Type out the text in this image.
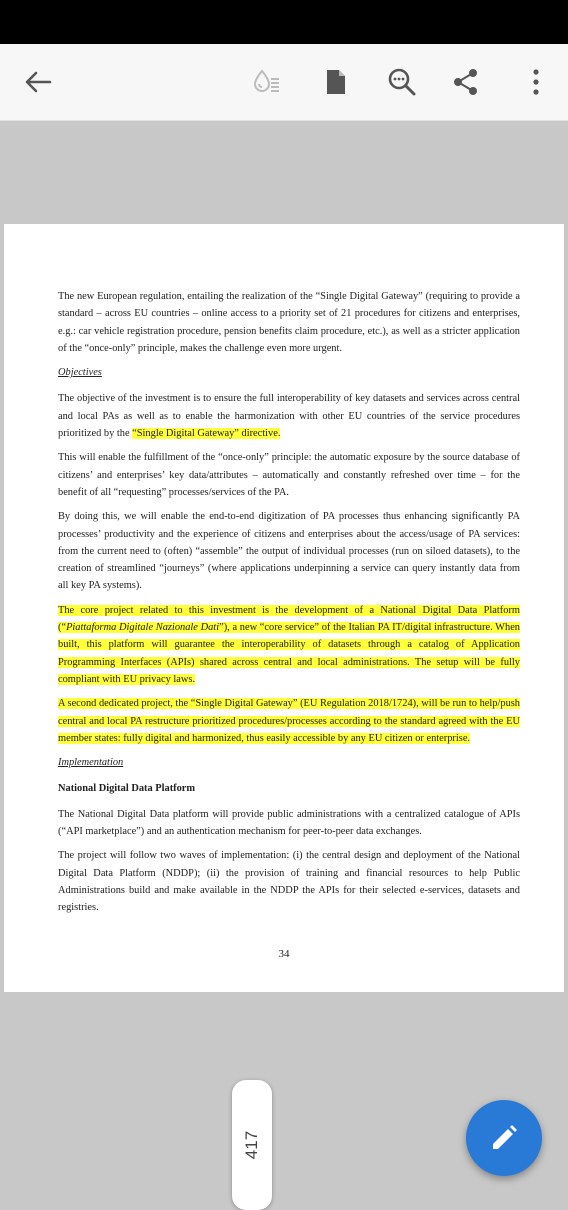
The new European regulation, entailing the realization of the “Single Digital Gateway” (requiring to provide a standard – across EU countries – online access to a priority set of 21 procedures for citizens and enterprises, e.g.: car vehicle registration procedure, pension benefits claim procedure, etc.), as well as a stricter application of the “once-only” principle, makes the challenge even more urgent.

Objectives

The objective of the investment is to ensure the full interoperability of key datasets and services across central and local PAs as well as to enable the harmonization with other EU countries of the service procedures prioritized by the “Single Digital Gateway” directive.

This will enable the fulfillment of the “once-only” principle: the automatic exposure by the source database of citizens’ and enterprises’ key data/attributes – automatically and constantly refreshed over time – for the benefit of all “requesting” processes/services of the PA.

By doing this, we will enable the end-to-end digitization of PA processes thus enhancing significantly PA processes’ productivity and the experience of citizens and enterprises about the access/usage of PA services: from the current need to (often) “assemble” the output of individual processes (run on siloed datasets), to the creation of streamlined “journeys” (where applications underpinning a service can query instantly data from all key PA systems).

The core project related to this investment is the development of a National Digital Data Platform (“Piattaforma Digitale Nazionale Dati”), a new “core service” of the Italian PA IT/digital infrastructure. When built, this platform will guarantee the interoperability of datasets through a catalog of Application Programming Interfaces (APIs) shared across central and local administrations. The setup will be fully compliant with EU privacy laws.

A second dedicated project, the “Single Digital Gateway” (EU Regulation 2018/1724), will be run to help/push central and local PA restructure prioritized procedures/processes according to the standard agreed with the EU member states: fully digital and harmonized, thus easily accessible by any EU citizen or enterprise.

Implementation

National Digital Data Platform

The National Digital Data platform will provide public administrations with a centralized catalogue of APIs (“API marketplace”) and an authentication mechanism for peer-to-peer data exchanges.

The project will follow two waves of implementation: (i) the central design and deployment of the National Digital Data Platform (NDDP); (ii) the provision of training and financial resources to help Public Administrations build and make available in the NDDP the APIs for their selected e-services, datasets and registries.

34
417
